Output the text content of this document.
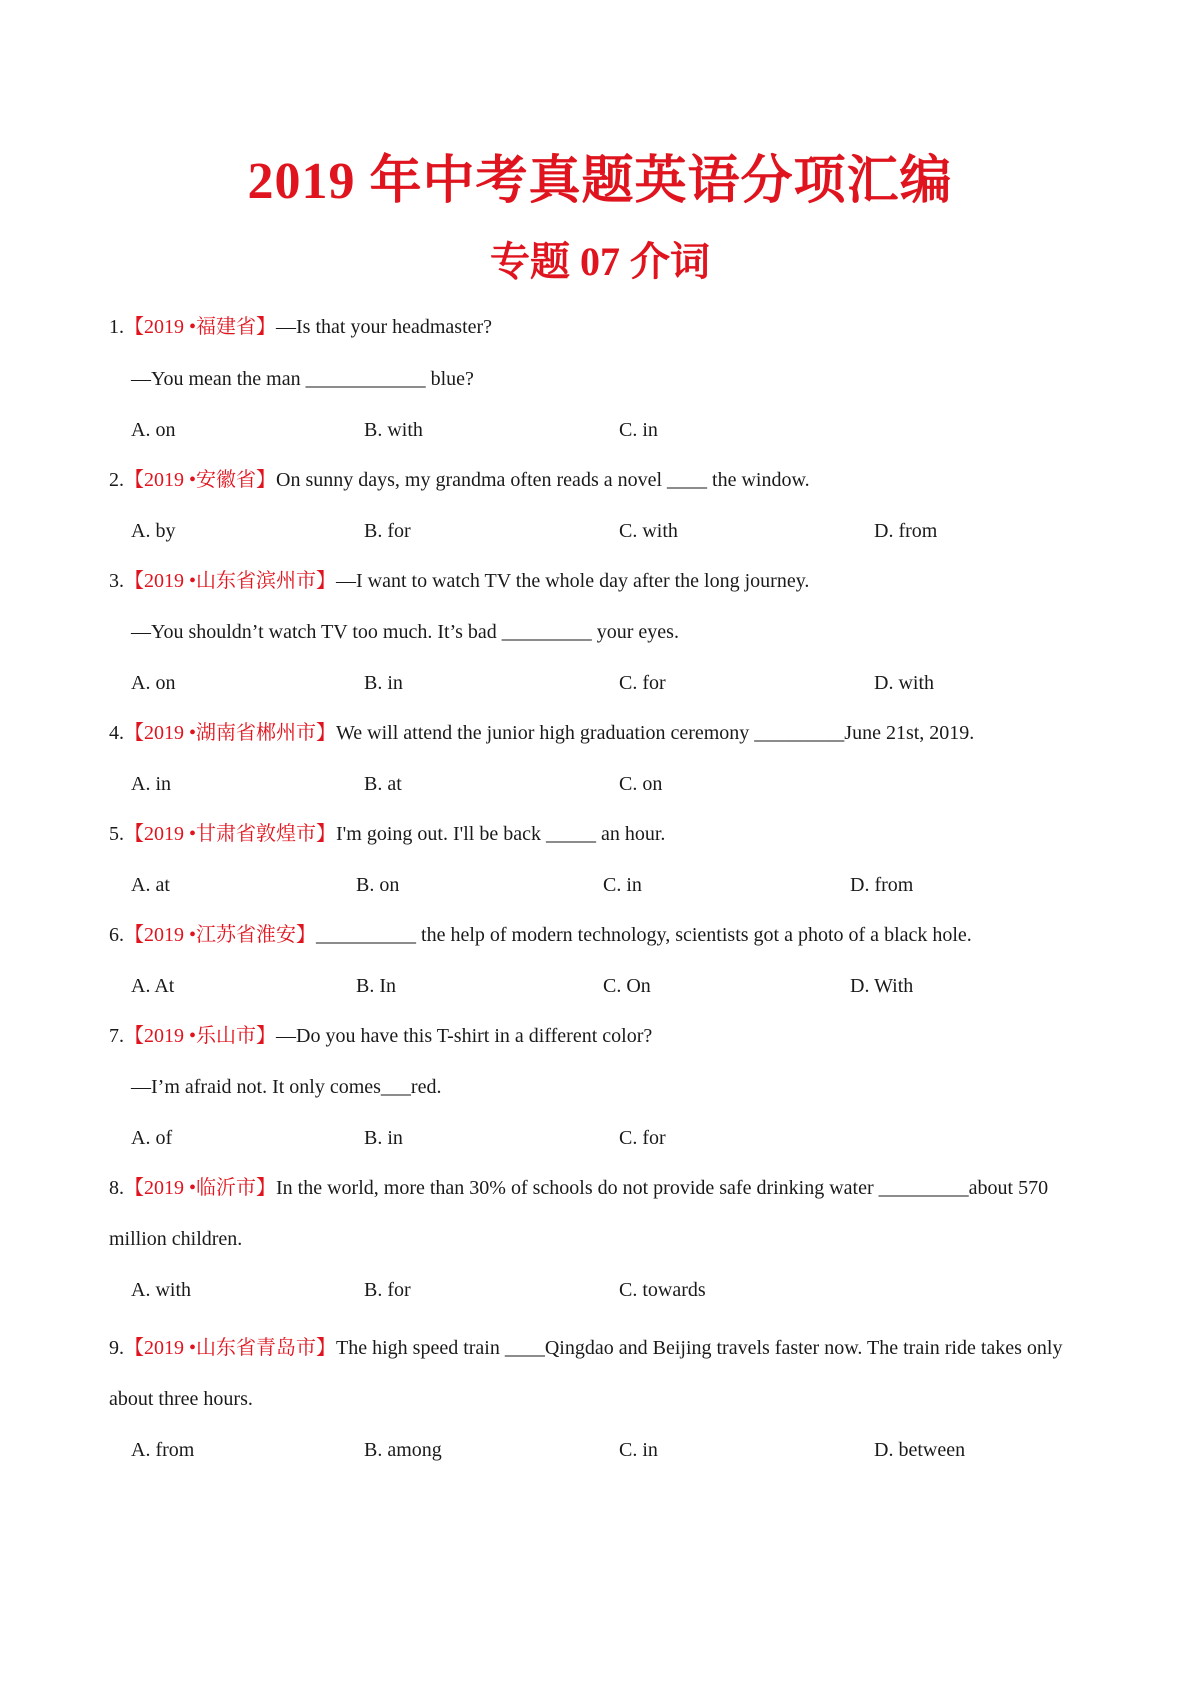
2019 年中考真题英语分项汇编
专题 07 介词
1.【2019 •福建省】—Is that your headmaster?
—You mean the man ____________ blue?
A. on	B. with	C. in
2.【2019 •安徽省】On sunny days, my grandma often reads a novel ____ the window.
A. by	B. for	C. with	D. from
3.【2019 •山东省滨州市】—I want to watch TV the whole day after the long journey.
—You shouldn’t watch TV too much. It’s bad _________ your eyes.
A. on	B. in	C. for	D. with
4.【2019 •湖南省郴州市】We will attend the junior high graduation ceremony _________June 21st, 2019.
A. in	B. at	C. on
5.【2019 •甘肃省敦煌市】I'm going out. I'll be back _____ an hour.
A. at	B. on	C. in	D. from
6.【2019 •江苏省淮安】__________ the help of modern technology, scientists got a photo of a black hole.
A. At	B. In	C. On	D. With
7.【2019 •乐山市】—Do you have this T-shirt in a different color?
—I’m afraid not. It only comes___red.
A. of	B. in	C. for
8.【2019 •临沂市】In the world, more than 30% of schools do not provide safe drinking water _________about 570
million children.
A. with	B. for	C. towards
9.【2019 •山东省青岛市】The high speed train ____Qingdao and Beijing travels faster now. The train ride takes only
about three hours.
A. from	B. among	C. in	D. between
